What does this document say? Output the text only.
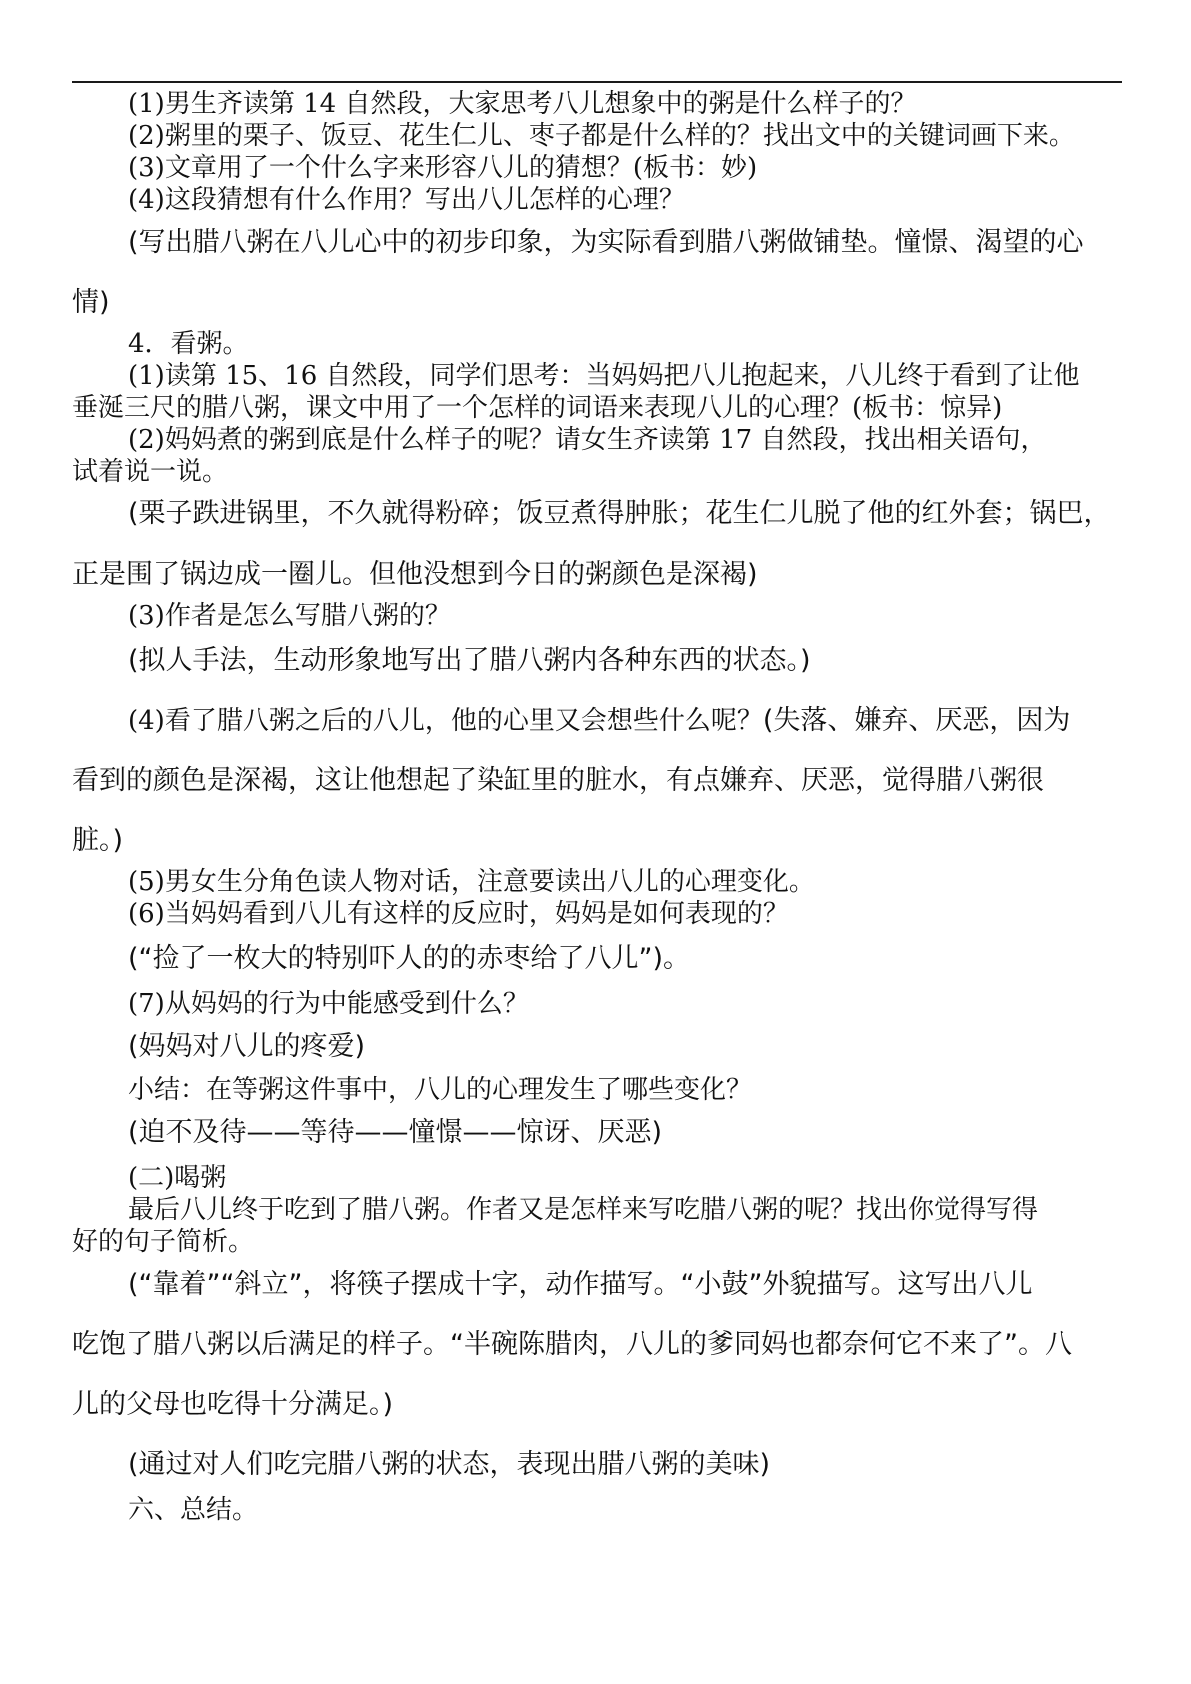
(1)男生齐读第 14 自然段，大家思考八儿想象中的粥是什么样子的？
(2)粥里的栗子、饭豆、花生仁儿、枣子都是什么样的？找出文中的关键词画下来。
(3)文章用了一个什么字来形容八儿的猜想？(板书：妙)
(4)这段猜想有什么作用？写出八儿怎样的心理？
(写出腊八粥在八儿心中的初步印象，为实际看到腊八粥做铺垫。憧憬、渴望的心
情)
4．看粥。
(1)读第 15、16 自然段，同学们思考：当妈妈把八儿抱起来，八儿终于看到了让他
垂涎三尺的腊八粥，课文中用了一个怎样的词语来表现八儿的心理？(板书：惊异)
(2)妈妈煮的粥到底是什么样子的呢？请女生齐读第 17 自然段，找出相关语句，
试着说一说。
(栗子跌进锅里，不久就得粉碎；饭豆煮得肿胀；花生仁儿脱了他的红外套；锅巴，
正是围了锅边成一圈儿。但他没想到今日的粥颜色是深褐)
(3)作者是怎么写腊八粥的？
(拟人手法，生动形象地写出了腊八粥内各种东西的状态。)
(4)看了腊八粥之后的八儿，他的心里又会想些什么呢？(失落、嫌弃、厌恶，因为
看到的颜色是深褐，这让他想起了染缸里的脏水，有点嫌弃、厌恶，觉得腊八粥很
脏。)
(5)男女生分角色读人物对话，注意要读出八儿的心理变化。
(6)当妈妈看到八儿有这样的反应时，妈妈是如何表现的？
(“捡了一枚大的特别吓人的的赤枣给了八儿”)。
(7)从妈妈的行为中能感受到什么？
(妈妈对八儿的疼爱)
小结：在等粥这件事中，八儿的心理发生了哪些变化？
(迫不及待——等待——憧憬——惊讶、厌恶)
(二)喝粥
最后八儿终于吃到了腊八粥。作者又是怎样来写吃腊八粥的呢？找出你觉得写得
好的句子简析。
(“靠着”“斜立”，将筷子摆成十字，动作描写。“小鼓”外貌描写。这写出八儿
吃饱了腊八粥以后满足的样子。“半碗陈腊肉，八儿的爹同妈也都奈何它不来了”。八
儿的父母也吃得十分满足。)
(通过对人们吃完腊八粥的状态，表现出腊八粥的美味)
六、总结。
